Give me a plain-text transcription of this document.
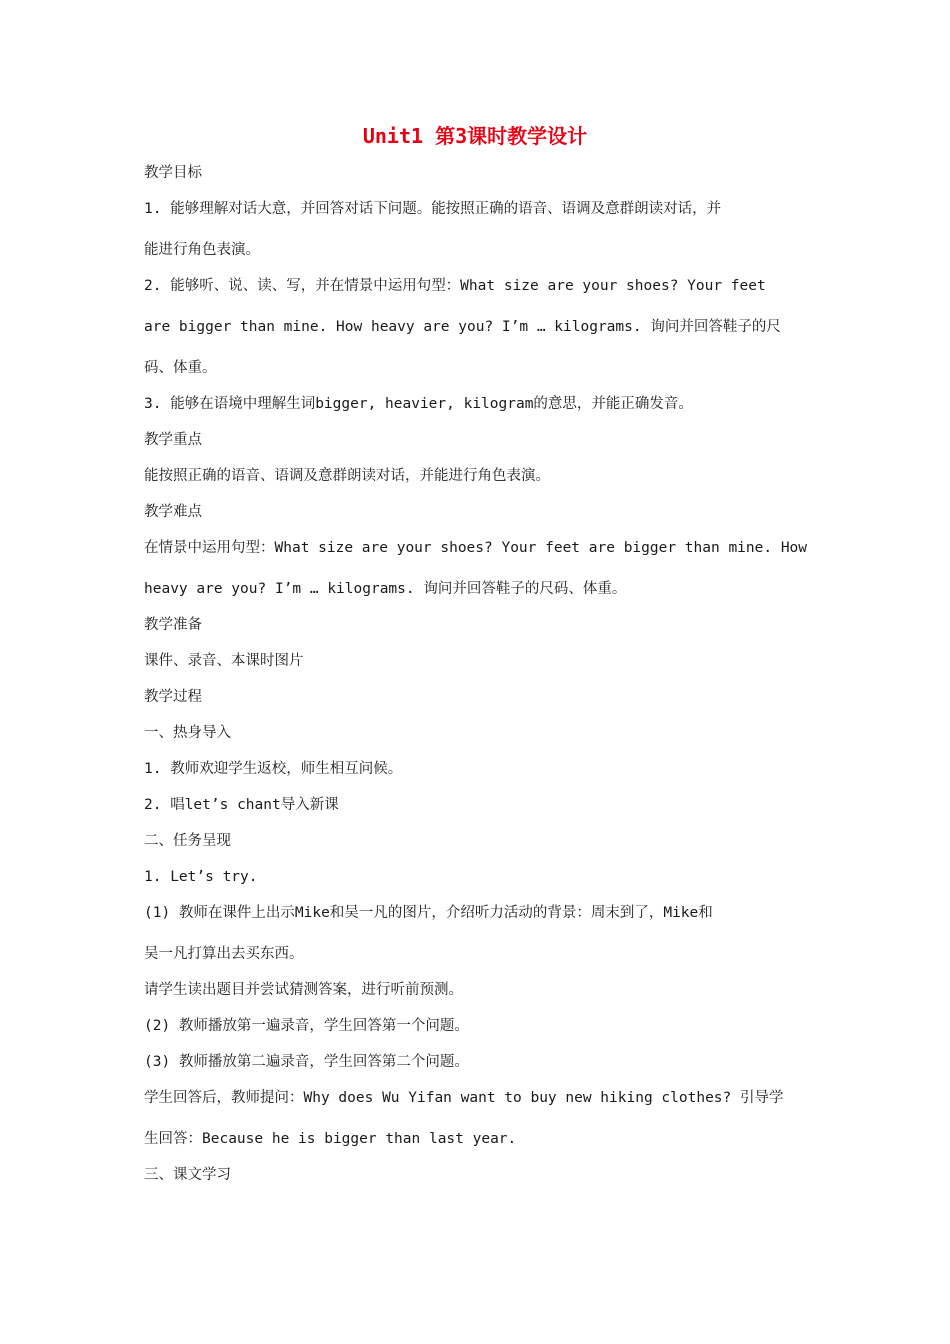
Unit1 第3课时教学设计
教学目标
1. 能够理解对话大意，并回答对话下问题。能按照正确的语音、语调及意群朗读对话，并
能进行角色表演。
2. 能够听、说、读、写，并在情景中运用句型：What size are your shoes? Your feet
are bigger than mine. How heavy are you? I’m … kilograms. 询问并回答鞋子的尺
码、体重。
3. 能够在语境中理解生词bigger, heavier, kilogram的意思，并能正确发音。
教学重点
能按照正确的语音、语调及意群朗读对话，并能进行角色表演。
教学难点
在情景中运用句型：What size are your shoes? Your feet are bigger than mine. How
heavy are you? I’m … kilograms. 询问并回答鞋子的尺码、体重。
教学准备
课件、录音、本课时图片
教学过程
一、热身导入
1. 教师欢迎学生返校，师生相互问候。
2. 唱let’s chant导入新课
二、任务呈现
1. Let’s try.
(1) 教师在课件上出示Mike和吴一凡的图片，介绍听力活动的背景：周末到了，Mike和
吴一凡打算出去买东西。
请学生读出题目并尝试猜测答案，进行听前预测。
(2) 教师播放第一遍录音，学生回答第一个问题。
(3) 教师播放第二遍录音，学生回答第二个问题。
学生回答后，教师提问：Why does Wu Yifan want to buy new hiking clothes? 引导学
生回答：Because he is bigger than last year.
三、课文学习
